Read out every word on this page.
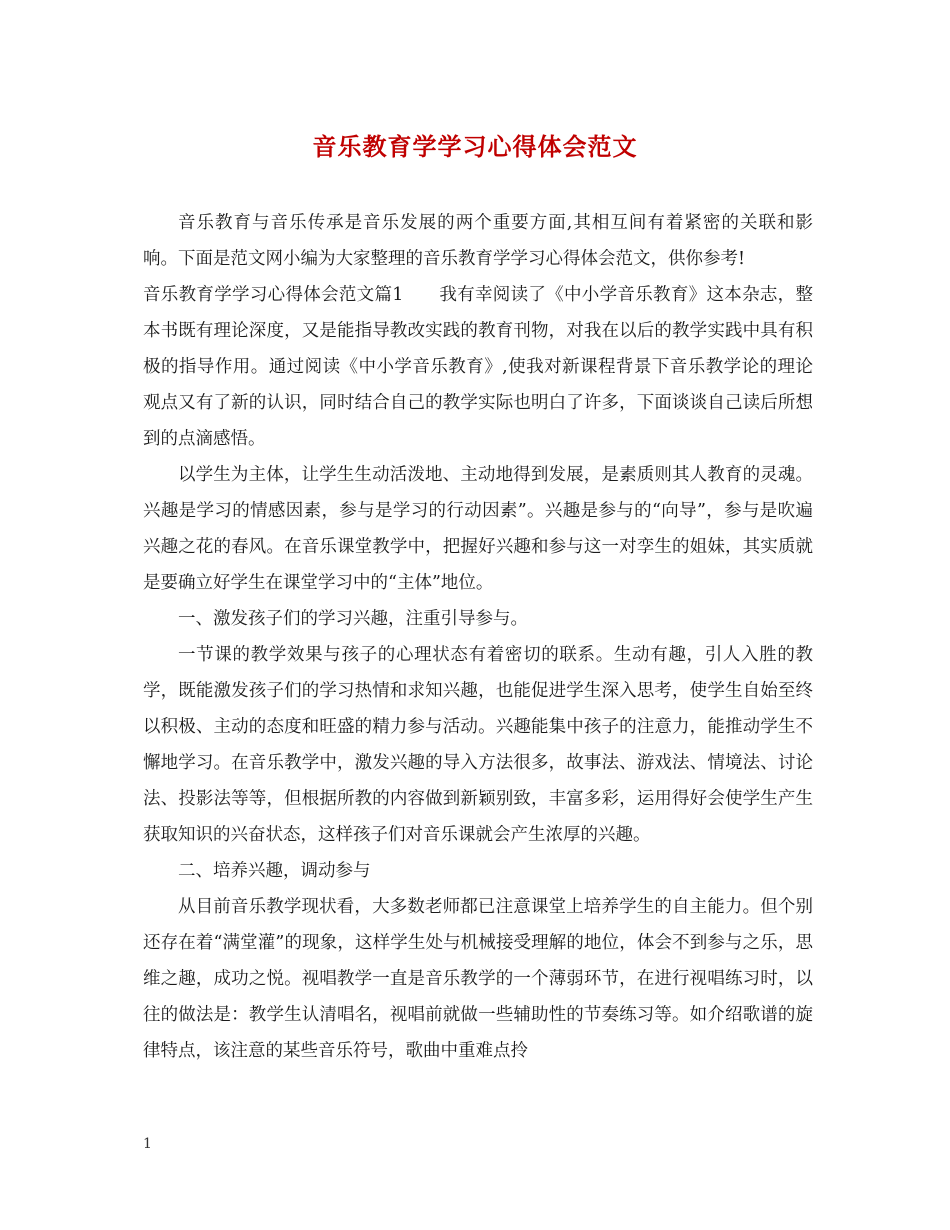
音乐教育学学习心得体会范文

音乐教育与音乐传承是音乐发展的两个重要方面,其相互间有着紧密的关联和影响。下面是范文网小编为大家整理的音乐教育学学习心得体会范文，供你参考!

音乐教育学学习心得体会范文篇1　　我有幸阅读了《中小学音乐教育》这本杂志，整本书既有理论深度，又是能指导教改实践的教育刊物，对我在以后的教学实践中具有积极的指导作用。通过阅读《中小学音乐教育》,使我对新课程背景下音乐教学论的理论观点又有了新的认识，同时结合自己的教学实际也明白了许多，下面谈谈自己读后所想到的点滴感悟。

以学生为主体，让学生生动活泼地、主动地得到发展，是素质则其人教育的灵魂。兴趣是学习的情感因素，参与是学习的行动因素”。兴趣是参与的“向导”，参与是吹遍兴趣之花的春风。在音乐课堂教学中，把握好兴趣和参与这一对孪生的姐妹，其实质就是要确立好学生在课堂学习中的“主体”地位。

一、激发孩子们的学习兴趣，注重引导参与。

一节课的教学效果与孩子的心理状态有着密切的联系。生动有趣，引人入胜的教学，既能激发孩子们的学习热情和求知兴趣，也能促进学生深入思考，使学生自始至终以积极、主动的态度和旺盛的精力参与活动。兴趣能集中孩子的注意力，能推动学生不懈地学习。在音乐教学中，激发兴趣的导入方法很多，故事法、游戏法、情境法、讨论法、投影法等等，但根据所教的内容做到新颖别致，丰富多彩，运用得好会使学生产生获取知识的兴奋状态，这样孩子们对音乐课就会产生浓厚的兴趣。

二、培养兴趣，调动参与

从目前音乐教学现状看，大多数老师都已注意课堂上培养学生的自主能力。但个别还存在着“满堂灌”的现象，这样学生处与机械接受理解的地位，体会不到参与之乐，思维之趣，成功之悦。视唱教学一直是音乐教学的一个薄弱环节，在进行视唱练习时，以往的做法是：教学生认清唱名，视唱前就做一些辅助性的节奏练习等。如介绍歌谱的旋律特点，该注意的某些音乐符号，歌曲中重难点拎

1
